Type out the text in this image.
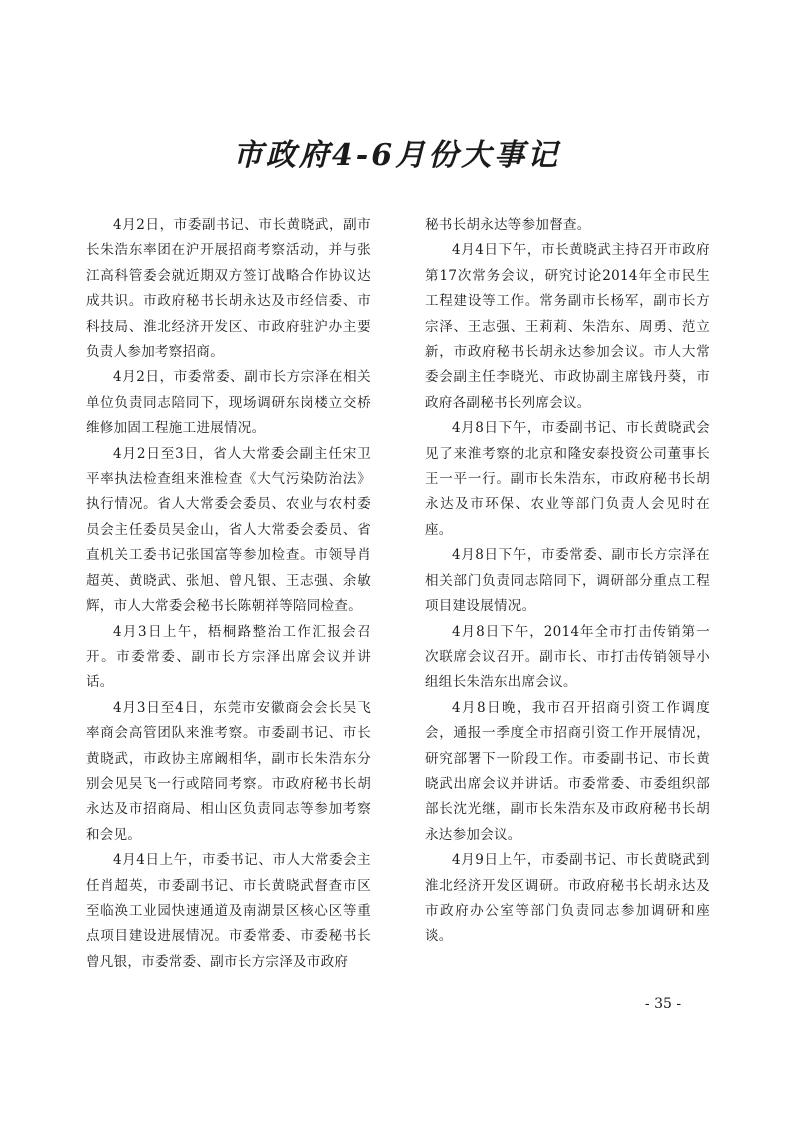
市政府4-6月份大事记

4月2日，市委副书记、市长黄晓武，副市长朱浩东率团在沪开展招商考察活动，并与张江高科管委会就近期双方签订战略合作协议达成共识。市政府秘书长胡永达及市经信委、市科技局、淮北经济开发区、市政府驻沪办主要负责人参加考察招商。

4月2日，市委常委、副市长方宗泽在相关单位负责同志陪同下，现场调研东岗楼立交桥维修加固工程施工进展情况。

4月2日至3日，省人大常委会副主任宋卫平率执法检查组来淮检查《大气污染防治法》执行情况。省人大常委会委员、农业与农村委员会主任委员吴金山，省人大常委会委员、省直机关工委书记张国富等参加检查。市领导肖超英、黄晓武、张旭、曾凡银、王志强、余敏辉，市人大常委会秘书长陈朝祥等陪同检查。

4月3日上午，梧桐路整治工作汇报会召开。市委常委、副市长方宗泽出席会议并讲话。

4月3日至4日，东莞市安徽商会会长吴飞率商会高管团队来淮考察。市委副书记、市长黄晓武，市政协主席阚相华，副市长朱浩东分别会见吴飞一行或陪同考察。市政府秘书长胡永达及市招商局、相山区负责同志等参加考察和会见。

4月4日上午，市委书记、市人大常委会主任肖超英，市委副书记、市长黄晓武督查市区至临涣工业园快速通道及南湖景区核心区等重点项目建设进展情况。市委常委、市委秘书长曾凡银，市委常委、副市长方宗泽及市政府

秘书长胡永达等参加督查。

4月4日下午，市长黄晓武主持召开市政府第17次常务会议，研究讨论2014年全市民生工程建设等工作。常务副市长杨军，副市长方宗泽、王志强、王莉莉、朱浩东、周勇、范立新，市政府秘书长胡永达参加会议。市人大常委会副主任李晓光、市政协副主席钱丹葵，市政府各副秘书长列席会议。

4月8日下午，市委副书记、市长黄晓武会见了来淮考察的北京和隆安泰投资公司董事长王一平一行。副市长朱浩东，市政府秘书长胡永达及市环保、农业等部门负责人会见时在座。

4月8日下午，市委常委、副市长方宗泽在相关部门负责同志陪同下，调研部分重点工程项目建设展情况。

4月8日下午，2014年全市打击传销第一次联席会议召开。副市长、市打击传销领导小组组长朱浩东出席会议。

4月8日晚，我市召开招商引资工作调度会，通报一季度全市招商引资工作开展情况，研究部署下一阶段工作。市委副书记、市长黄晓武出席会议并讲话。市委常委、市委组织部部长沈光继，副市长朱浩东及市政府秘书长胡永达参加会议。

4月9日上午，市委副书记、市长黄晓武到淮北经济开发区调研。市政府秘书长胡永达及市政府办公室等部门负责同志参加调研和座谈。

- 35 -
